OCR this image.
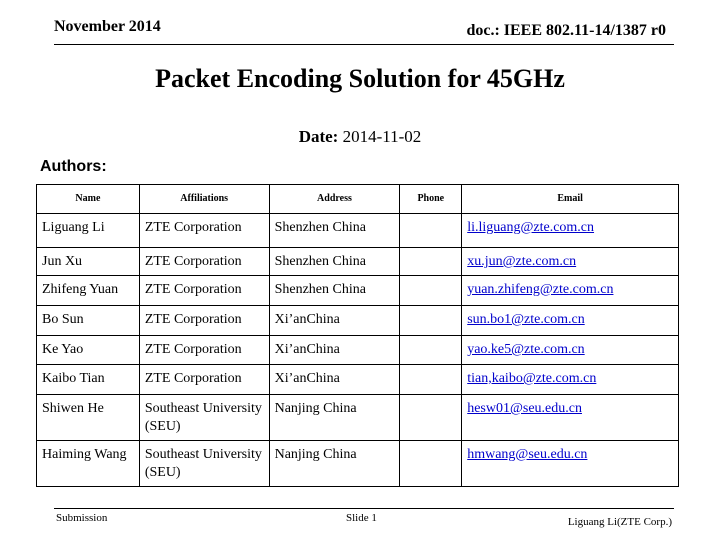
November 2014	doc.: IEEE 802.11-14/1387 r0
Packet Encoding Solution for 45GHz
Date: 2014-11-02
Authors:
Name	Affiliations	Address	Phone	Email
Liguang Li	ZTE Corporation	Shenzhen China		li.liguang@zte.com.cn
Jun Xu	ZTE Corporation	Shenzhen China		xu.jun@zte.com.cn
Zhifeng Yuan	ZTE Corporation	Shenzhen China		yuan.zhifeng@zte.com.cn
Bo Sun	ZTE Corporation	Xi’anChina		sun.bo1@zte.com.cn
Ke Yao	ZTE Corporation	Xi’anChina		yao.ke5@zte.com.cn
Kaibo Tian	ZTE Corporation	Xi’anChina		tian,kaibo@zte.com.cn
Shiwen He	Southeast University (SEU)	Nanjing China		hesw01@seu.edu.cn
Haiming Wang	Southeast University (SEU)	Nanjing China		hmwang@seu.edu.cn
Submission	Slide 1	Liguang Li(ZTE Corp.)
